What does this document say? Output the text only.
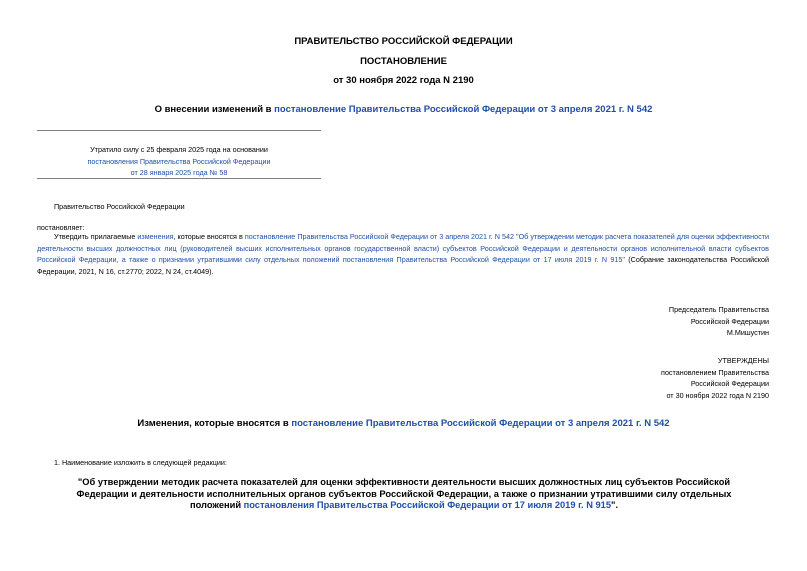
ПРАВИТЕЛЬСТВО РОССИЙСКОЙ ФЕДЕРАЦИИ
ПОСТАНОВЛЕНИЕ
от 30 ноября 2022 года N 2190
О внесении изменений в постановление Правительства Российской Федерации от 3 апреля 2021 г. N 542
Утратило силу с 25 февраля 2025 года на основании
постановления Правительства Российской Федерации
от 28 января 2025 года № 58
Правительство Российской Федерации
постановляет:
Утвердить прилагаемые изменения, которые вносятся в постановление Правительства Российской Федерации от 3 апреля 2021 г. N 542 "Об утверждении методик расчета показателей для оценки эффективности деятельности высших должностных лиц (руководителей высших исполнительных органов государственной власти) субъектов Российской Федерации и деятельности органов исполнительной власти субъектов Российской Федерации, а также о признании утратившими силу отдельных положений постановления Правительства Российской Федерации от 17 июля 2019 г. N 915" (Собрание законодательства Российской Федерации, 2021, N 16, ст.2770; 2022, N 24, ст.4049).
Председатель Правительства
Российской Федерации
М.Мишустин
УТВЕРЖДЕНЫ
постановлением Правительства
Российской Федерации
от 30 ноября 2022 года N 2190
Изменения, которые вносятся в постановление Правительства Российской Федерации от 3 апреля 2021 г. N 542
1. Наименование изложить в следующей редакции:
"Об утверждении методик расчета показателей для оценки эффективности деятельности высших должностных лиц субъектов Российской Федерации и деятельности исполнительных органов субъектов Российской Федерации, а также о признании утратившими силу отдельных положений постановления Правительства Российской Федерации от 17 июля 2019 г. N 915".
